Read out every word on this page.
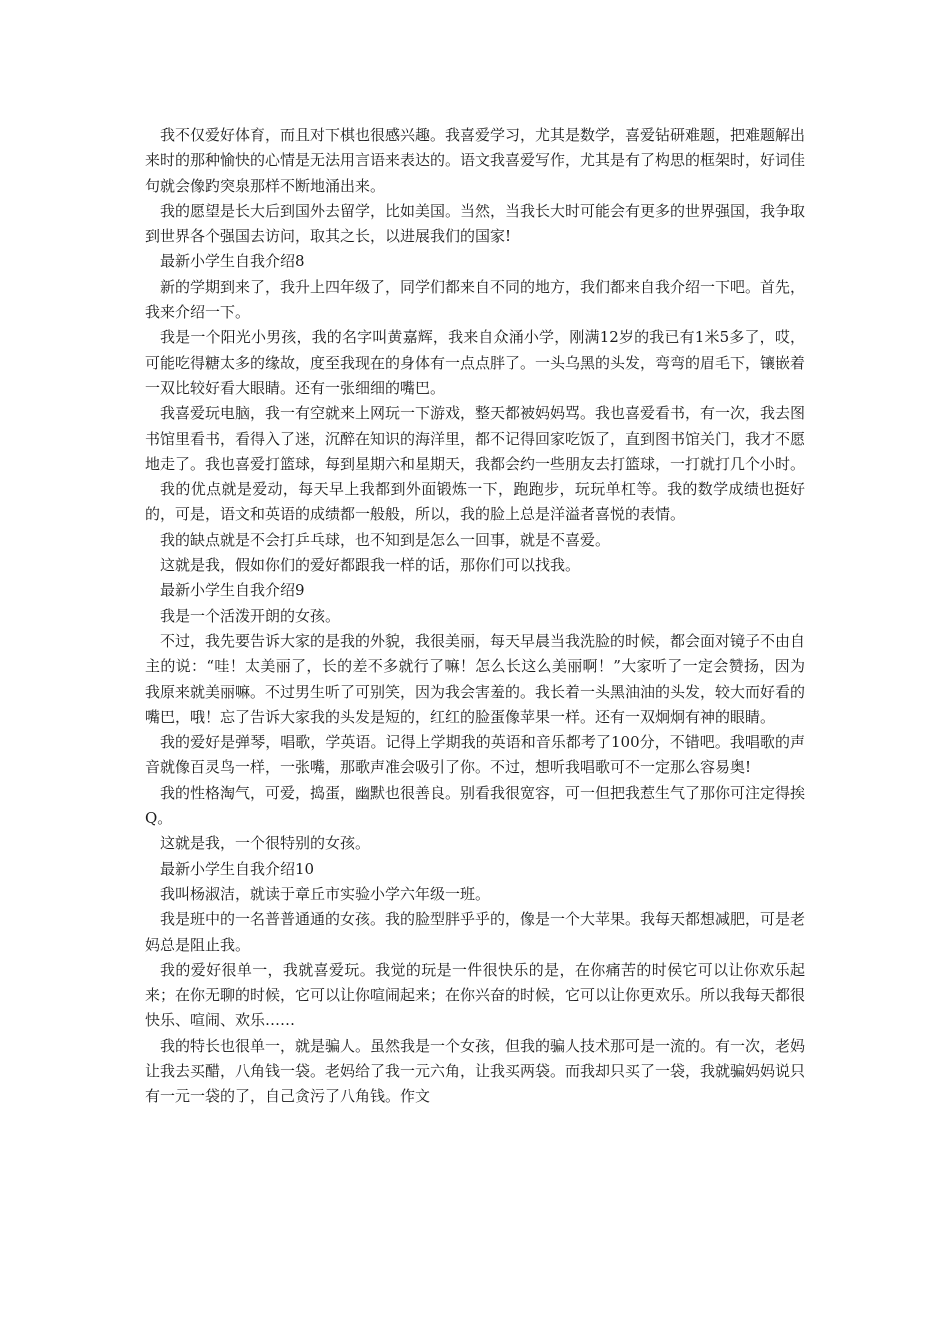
我不仅爱好体育，而且对下棋也很感兴趣。我喜爱学习，尤其是数学，喜爱钻研难题，把难题解出来时的那种愉快的心情是无法用言语来表达的。语文我喜爱写作，尤其是有了构思的框架时，好词佳句就会像趵突泉那样不断地涌出来。

我的愿望是长大后到国外去留学，比如美国。当然，当我长大时可能会有更多的世界强国，我争取到世界各个强国去访问，取其之长，以进展我们的国家!

最新小学生自我介绍8

新的学期到来了，我升上四年级了，同学们都来自不同的地方，我们都来自我介绍一下吧。首先，我来介绍一下。

我是一个阳光小男孩，我的名字叫黄嘉辉，我来自众涌小学，刚满12岁的我已有1米5多了，哎，可能吃得糖太多的缘故，度至我现在的身体有一点点胖了。一头乌黑的头发，弯弯的眉毛下，镶嵌着一双比较好看大眼睛。还有一张细细的嘴巴。

我喜爱玩电脑，我一有空就来上网玩一下游戏，整天都被妈妈骂。我也喜爱看书，有一次，我去图书馆里看书，看得入了迷，沉醉在知识的海洋里，都不记得回家吃饭了，直到图书馆关门，我才不愿地走了。我也喜爱打篮球，每到星期六和星期天，我都会约一些朋友去打篮球，一打就打几个小时。

我的优点就是爱动，每天早上我都到外面锻炼一下，跑跑步，玩玩单杠等。我的数学成绩也挺好的，可是，语文和英语的成绩都一般般，所以，我的脸上总是洋溢者喜悦的表情。

我的缺点就是不会打乒乓球，也不知到是怎么一回事，就是不喜爱。

这就是我，假如你们的爱好都跟我一样的话，那你们可以找我。

最新小学生自我介绍9

我是一个活泼开朗的女孩。

不过，我先要告诉大家的是我的外貌，我很美丽，每天早晨当我洗脸的时候，都会面对镜子不由自主的说：“哇！太美丽了，长的差不多就行了嘛！怎么长这么美丽啊！”大家听了一定会赞扬，因为我原来就美丽嘛。不过男生听了可别笑，因为我会害羞的。我长着一头黑油油的头发，较大而好看的嘴巴，哦！忘了告诉大家我的头发是短的，红红的脸蛋像苹果一样。还有一双炯炯有神的眼睛。

我的爱好是弹琴，唱歌，学英语。记得上学期我的英语和音乐都考了100分，不错吧。我唱歌的声音就像百灵鸟一样，一张嘴，那歌声准会吸引了你。不过，想听我唱歌可不一定那么容易奥!

我的性格淘气，可爱，捣蛋，幽默也很善良。别看我很宽容，可一但把我惹生气了那你可注定得挨Q。

这就是我，一个很特别的女孩。

最新小学生自我介绍10

我叫杨淑洁，就读于章丘市实验小学六年级一班。

我是班中的一名普普通通的女孩。我的脸型胖乎乎的，像是一个大苹果。我每天都想减肥，可是老妈总是阻止我。

我的爱好很单一，我就喜爱玩。我觉的玩是一件很快乐的是，在你痛苦的时侯它可以让你欢乐起来；在你无聊的时候，它可以让你喧闹起来；在你兴奋的时候，它可以让你更欢乐。所以我每天都很快乐、喧闹、欢乐……

我的特长也很单一，就是骗人。虽然我是一个女孩，但我的骗人技术那可是一流的。有一次，老妈让我去买醋，八角钱一袋。老妈给了我一元六角，让我买两袋。而我却只买了一袋，我就骗妈妈说只有一元一袋的了，自己贪污了八角钱。作文
